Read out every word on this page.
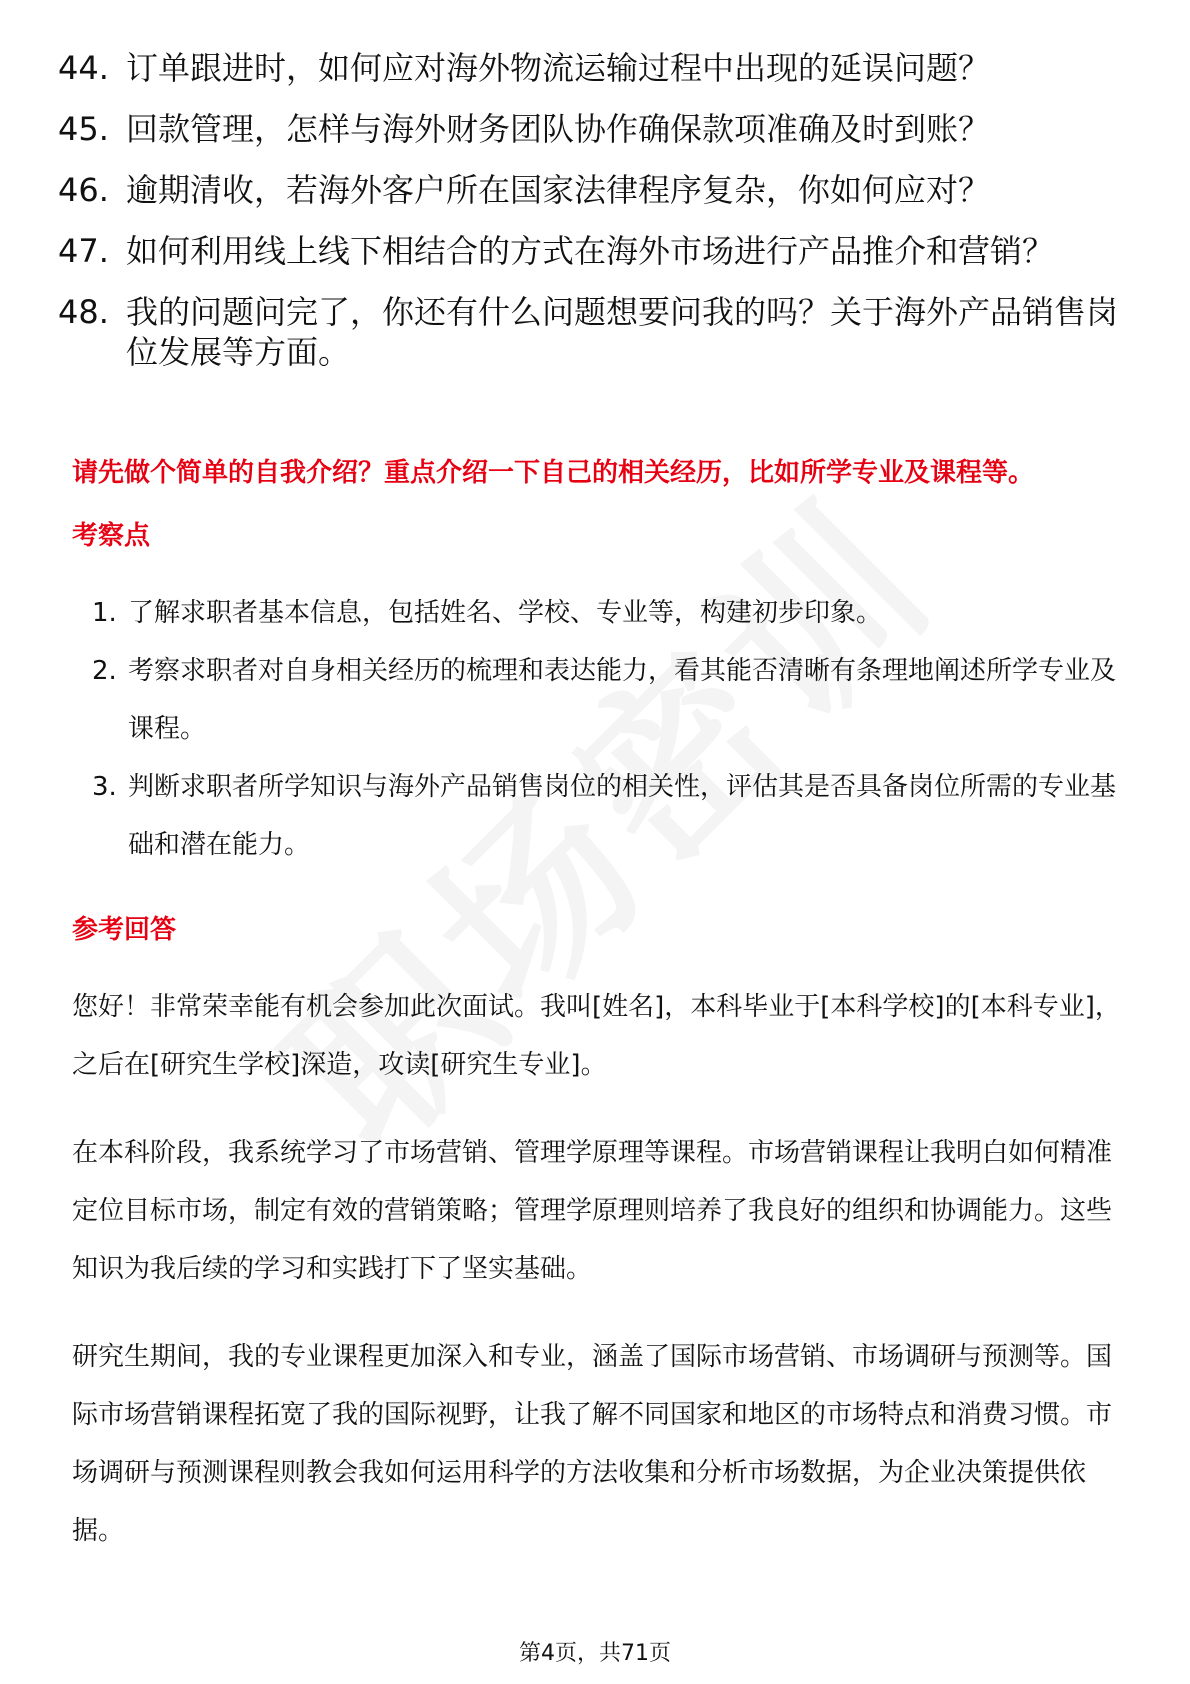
44. 订单跟进时，如何应对海外物流运输过程中出现的延误问题？
45. 回款管理，怎样与海外财务团队协作确保款项准确及时到账？
46. 逾期清收，若海外客户所在国家法律程序复杂，你如何应对？
47. 如何利用线上线下相结合的方式在海外市场进行产品推介和营销？
48. 我的问题问完了，你还有什么问题想要问我的吗？关于海外产品销售岗位发展等方面。
请先做个简单的自我介绍？重点介绍一下自己的相关经历，比如所学专业及课程等。
考察点
1. 了解求职者基本信息，包括姓名、学校、专业等，构建初步印象。
2. 考察求职者对自身相关经历的梳理和表达能力，看其能否清晰有条理地阐述所学专业及课程。
3. 判断求职者所学知识与海外产品销售岗位的相关性，评估其是否具备岗位所需的专业基础和潜在能力。
参考回答

您好！非常荣幸能有机会参加此次面试。我叫[姓名]，本科毕业于[本科学校]的[本科专业]，之后在[研究生学校]深造，攻读[研究生专业]。

在本科阶段，我系统学习了市场营销、管理学原理等课程。市场营销课程让我明白如何精准定位目标市场，制定有效的营销策略；管理学原理则培养了我良好的组织和协调能力。这些知识为我后续的学习和实践打下了坚实基础。

研究生期间，我的专业课程更加深入和专业，涵盖了国际市场营销、市场调研与预测等。国际市场营销课程拓宽了我的国际视野，让我了解不同国家和地区的市场特点和消费习惯。市场调研与预测课程则教会我如何运用科学的方法收集和分析市场数据，为企业决策提供依据。

第4页，共71页
